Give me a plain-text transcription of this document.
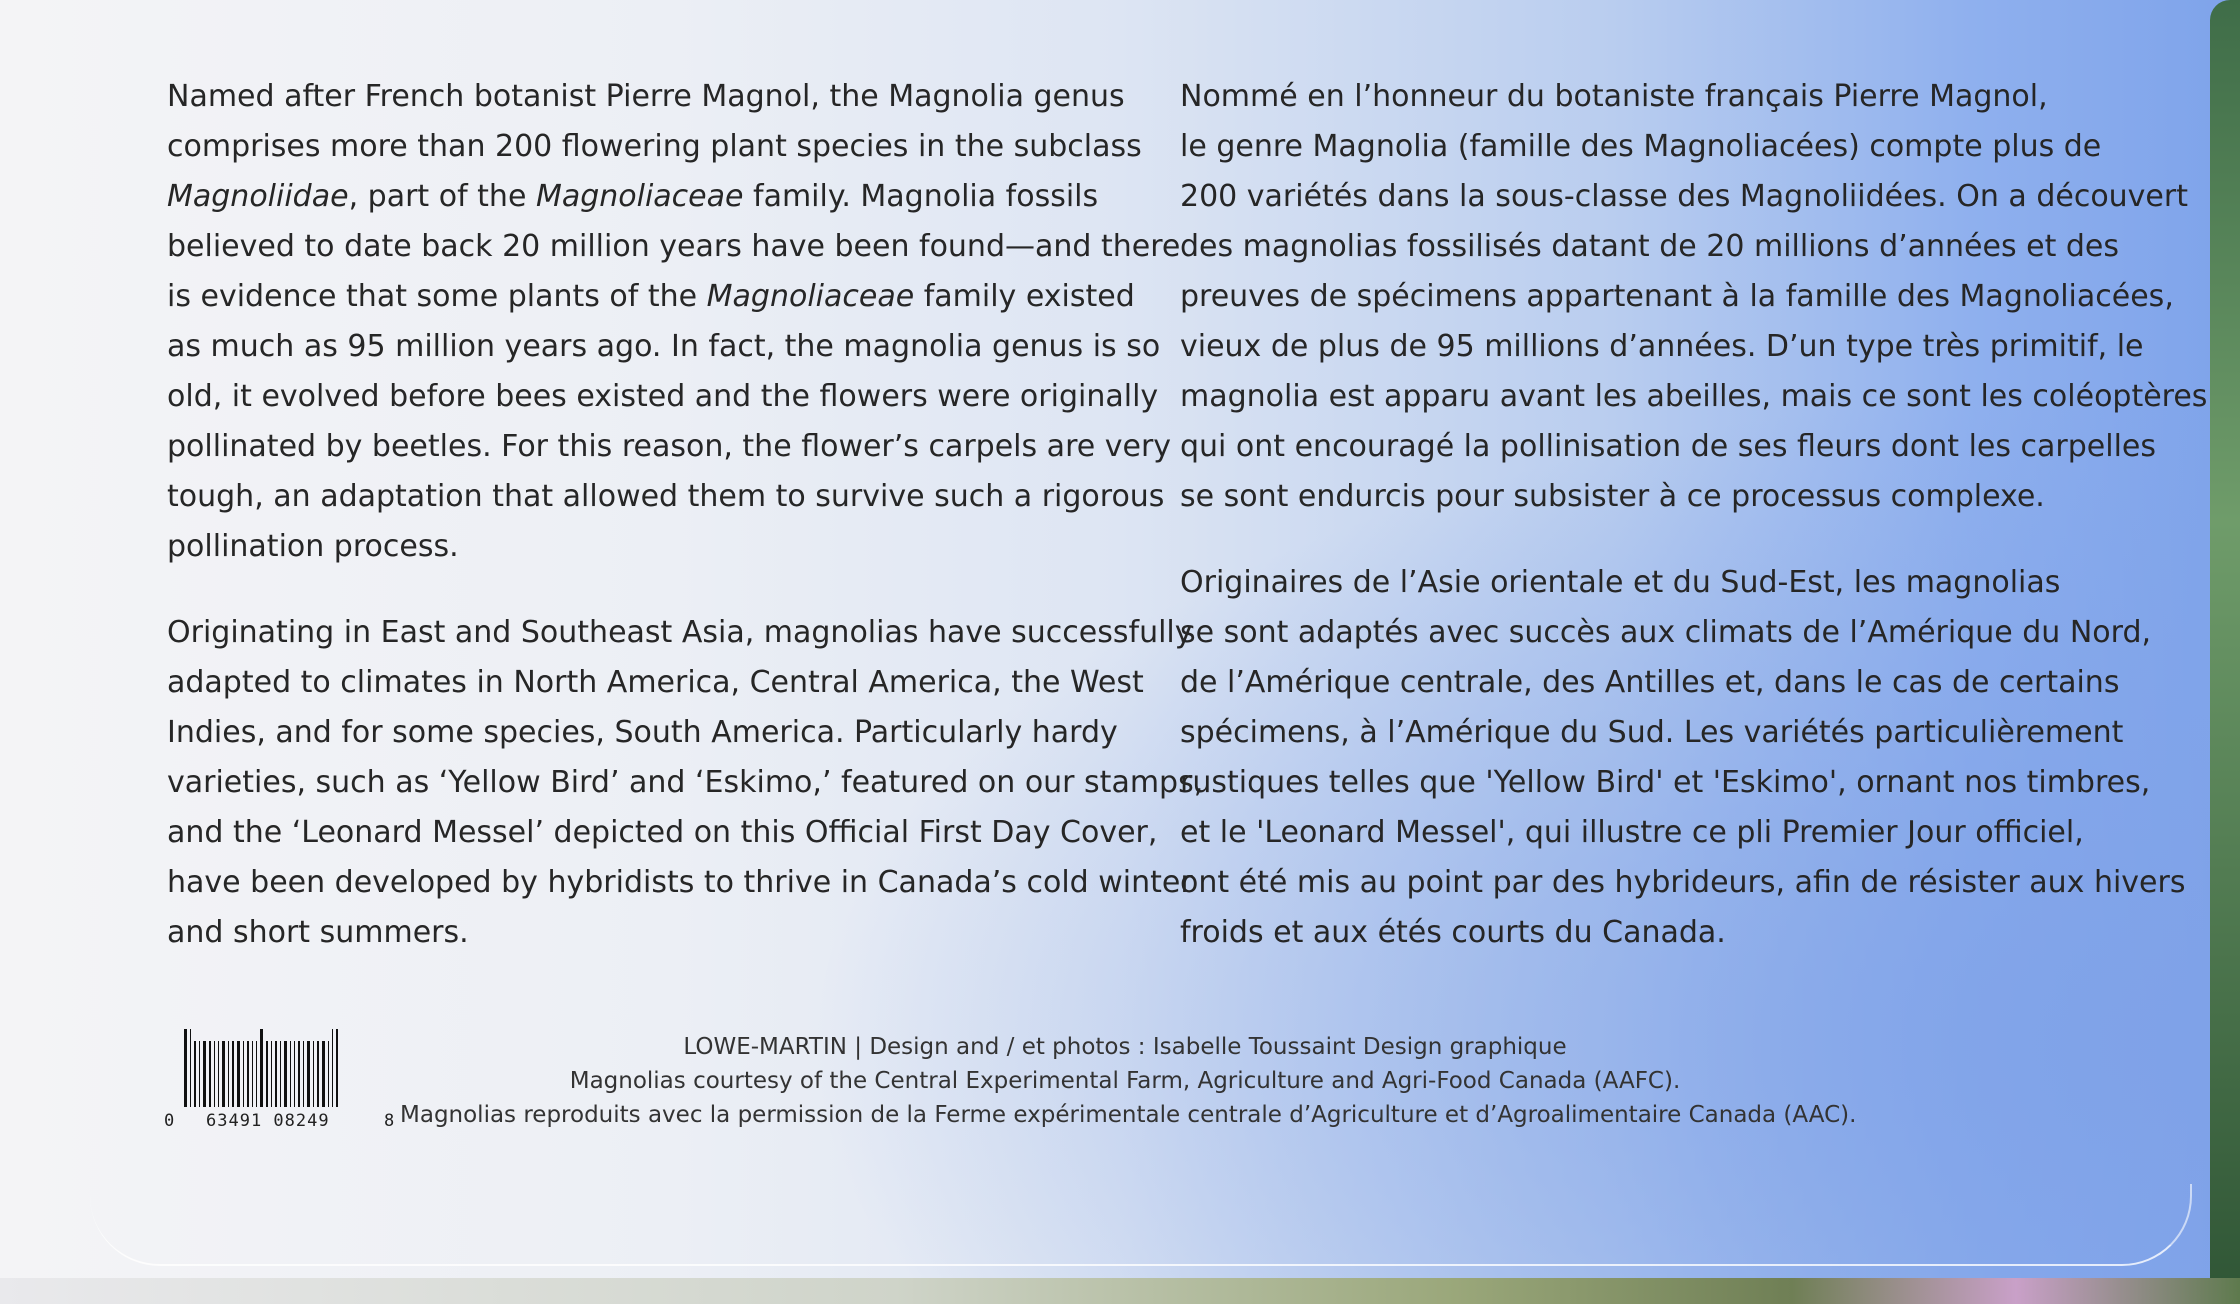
Named after French botanist Pierre Magnol, the Magnolia genus
comprises more than 200 flowering plant species in the subclass
Magnoliidae, part of the Magnoliaceae family. Magnolia fossils
believed to date back 20 million years have been found—and there
is evidence that some plants of the Magnoliaceae family existed
as much as 95 million years ago. In fact, the magnolia genus is so
old, it evolved before bees existed and the flowers were originally
pollinated by beetles. For this reason, the flower’s carpels are very
tough, an adaptation that allowed them to survive such a rigorous
pollination process.
Originating in East and Southeast Asia, magnolias have successfully
adapted to climates in North America, Central America, the West
Indies, and for some species, South America. Particularly hardy
varieties, such as ‘Yellow Bird’ and ‘Eskimo,’ featured on our stamps,
and the ‘Leonard Messel’ depicted on this Official First Day Cover,
have been developed by hybridists to thrive in Canada’s cold winter
and short summers.
Nommé en l’honneur du botaniste français Pierre Magnol,
le genre Magnolia (famille des Magnoliacées) compte plus de
200 variétés dans la sous-classe des Magnoliidées. On a découvert
des magnolias fossilisés datant de 20 millions d’années et des
preuves de spécimens appartenant à la famille des Magnoliacées,
vieux de plus de 95 millions d’années. D’un type très primitif, le
magnolia est apparu avant les abeilles, mais ce sont les coléoptères
qui ont encouragé la pollinisation de ses fleurs dont les carpelles
se sont endurcis pour subsister à ce processus complexe.
Originaires de l’Asie orientale et du Sud-Est, les magnolias
se sont adaptés avec succès aux climats de l’Amérique du Nord,
de l’Amérique centrale, des Antilles et, dans le cas de certains
spécimens, à l’Amérique du Sud. Les variétés particulièrement
rustiques telles que 'Yellow Bird' et 'Eskimo', ornant nos timbres,
et le 'Leonard Messel', qui illustre ce pli Premier Jour officiel,
ont été mis au point par des hybrideurs, afin de résister aux hivers
froids et aux étés courts du Canada.
0 63491 08249	8
LOWE-MARTIN | Design and / et photos : Isabelle Toussaint Design graphique
Magnolias courtesy of the Central Experimental Farm, Agriculture and Agri-Food Canada (AAFC).
Magnolias reproduits avec la permission de la Ferme expérimentale centrale d’Agriculture et d’Agroalimentaire Canada (AAC).
